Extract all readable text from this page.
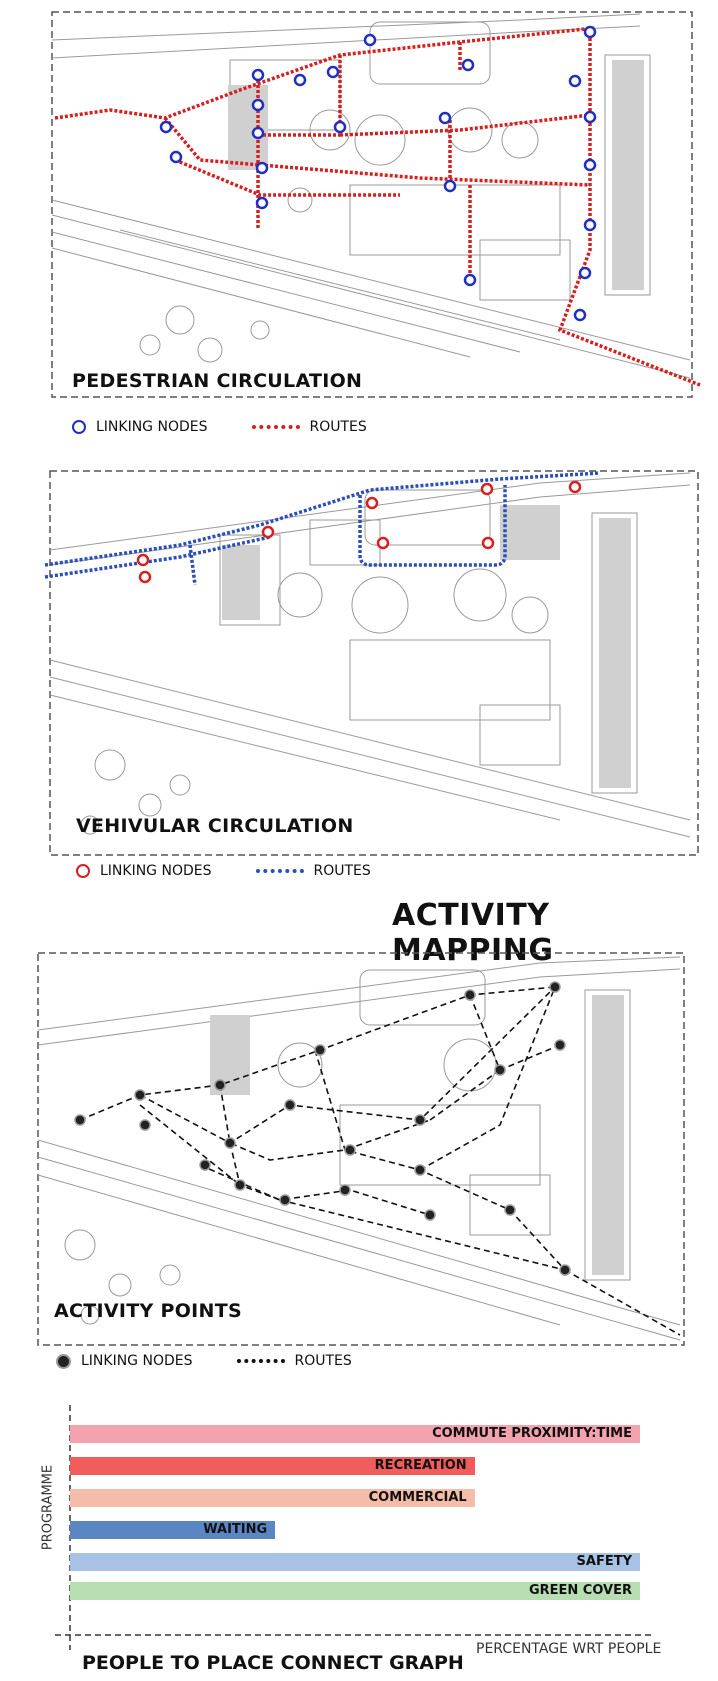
PEDESTRIAN CIRCULATION
LINKING NODES	ROUTES
VEHIVULAR CIRCULATION
LINKING NODES	ROUTES
ACTIVITY MAPPING
ACTIVITY POINTS
LINKING NODES	ROUTES
PROGRAMME
COMMUTE PROXIMITY:TIME
RECREATION
COMMERCIAL
WAITING
SAFETY
GREEN COVER
PERCENTAGE WRT PEOPLE
PEOPLE TO PLACE CONNECT GRAPH
